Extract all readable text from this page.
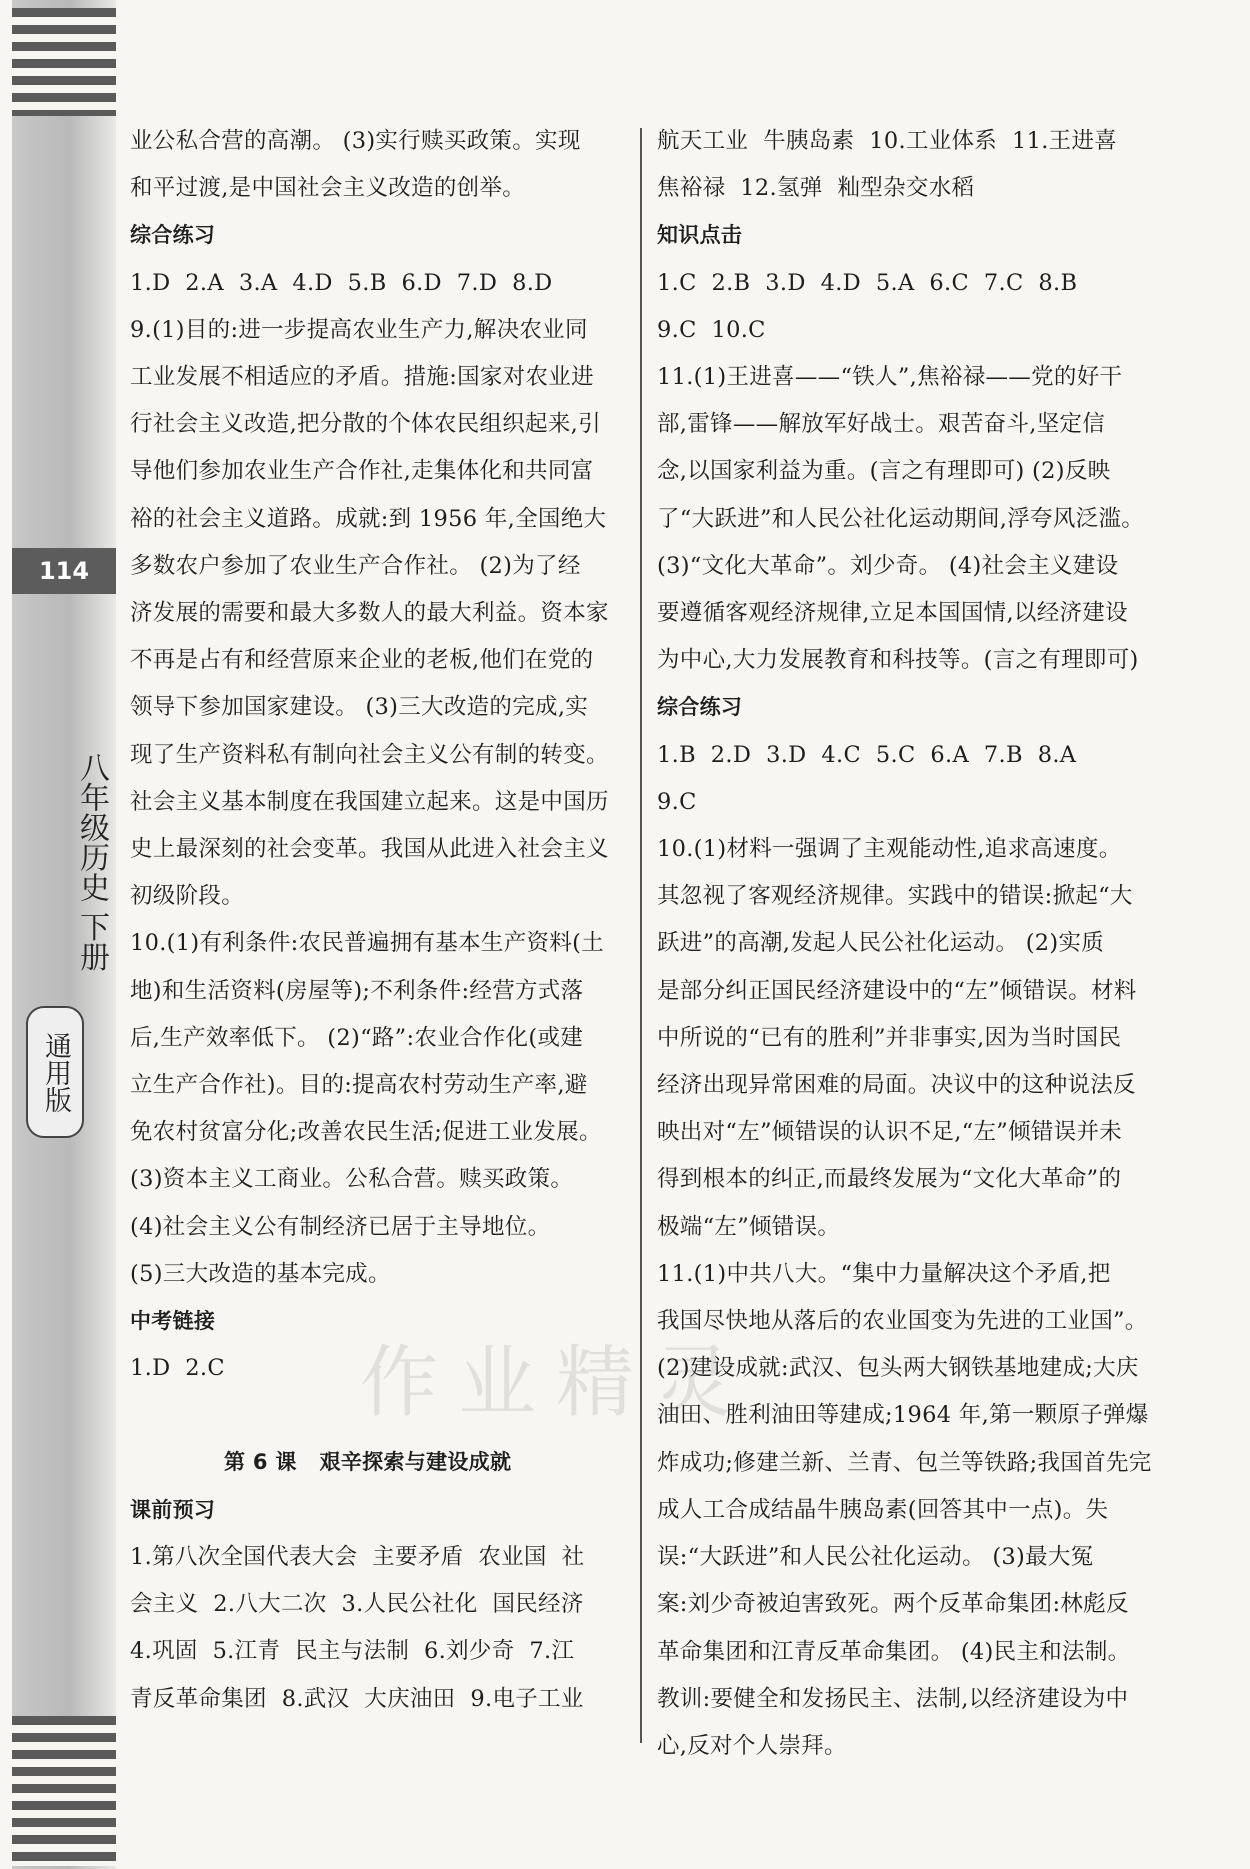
114
八年级历史 下册
通用版
作业精灵

业公私合营的高潮。 (3)实行赎买政策。实现

和平过渡,是中国社会主义改造的创举。

综合练习

1.D  2.A  3.A  4.D  5.B  6.D  7.D  8.D

9.(1)目的:进一步提高农业生产力,解决农业同

工业发展不相适应的矛盾。措施:国家对农业进

行社会主义改造,把分散的个体农民组织起来,引

导他们参加农业生产合作社,走集体化和共同富

裕的社会主义道路。成就:到 1956 年,全国绝大

多数农户参加了农业生产合作社。 (2)为了经

济发展的需要和最大多数人的最大利益。资本家

不再是占有和经营原来企业的老板,他们在党的

领导下参加国家建设。 (3)三大改造的完成,实

现了生产资料私有制向社会主义公有制的转变。

社会主义基本制度在我国建立起来。这是中国历

史上最深刻的社会变革。我国从此进入社会主义

初级阶段。

10.(1)有利条件:农民普遍拥有基本生产资料(土

地)和生活资料(房屋等);不利条件:经营方式落

后,生产效率低下。 (2)“路”:农业合作化(或建

立生产合作社)。目的:提高农村劳动生产率,避

免农村贫富分化;改善农民生活;促进工业发展。

(3)资本主义工商业。公私合营。赎买政策。

(4)社会主义公有制经济已居于主导地位。

(5)三大改造的基本完成。

中考链接

1.D  2.C

第 6 课   艰辛探索与建设成就

课前预习

1.第八次全国代表大会  主要矛盾  农业国  社

会主义  2.八大二次  3.人民公社化  国民经济

4.巩固  5.江青  民主与法制  6.刘少奇  7.江

青反革命集团  8.武汉  大庆油田  9.电子工业

航天工业  牛胰岛素  10.工业体系  11.王进喜

焦裕禄  12.氢弹  籼型杂交水稻

知识点击

1.C  2.B  3.D  4.D  5.A  6.C  7.C  8.B

9.C  10.C

11.(1)王进喜——“铁人”,焦裕禄——党的好干

部,雷锋——解放军好战士。艰苦奋斗,坚定信

念,以国家利益为重。(言之有理即可) (2)反映

了“大跃进”和人民公社化运动期间,浮夸风泛滥。

(3)“文化大革命”。刘少奇。 (4)社会主义建设

要遵循客观经济规律,立足本国国情,以经济建设

为中心,大力发展教育和科技等。(言之有理即可)

综合练习

1.B  2.D  3.D  4.C  5.C  6.A  7.B  8.A

9.C

10.(1)材料一强调了主观能动性,追求高速度。

其忽视了客观经济规律。实践中的错误:掀起“大

跃进”的高潮,发起人民公社化运动。 (2)实质

是部分纠正国民经济建设中的“左”倾错误。材料

中所说的“已有的胜利”并非事实,因为当时国民

经济出现异常困难的局面。决议中的这种说法反

映出对“左”倾错误的认识不足,“左”倾错误并未

得到根本的纠正,而最终发展为“文化大革命”的

极端“左”倾错误。

11.(1)中共八大。“集中力量解决这个矛盾,把

我国尽快地从落后的农业国变为先进的工业国”。

(2)建设成就:武汉、包头两大钢铁基地建成;大庆

油田、胜利油田等建成;1964 年,第一颗原子弹爆

炸成功;修建兰新、兰青、包兰等铁路;我国首先完

成人工合成结晶牛胰岛素(回答其中一点)。失

误:“大跃进”和人民公社化运动。 (3)最大冤

案:刘少奇被迫害致死。两个反革命集团:林彪反

革命集团和江青反革命集团。 (4)民主和法制。

教训:要健全和发扬民主、法制,以经济建设为中

心,反对个人崇拜。
